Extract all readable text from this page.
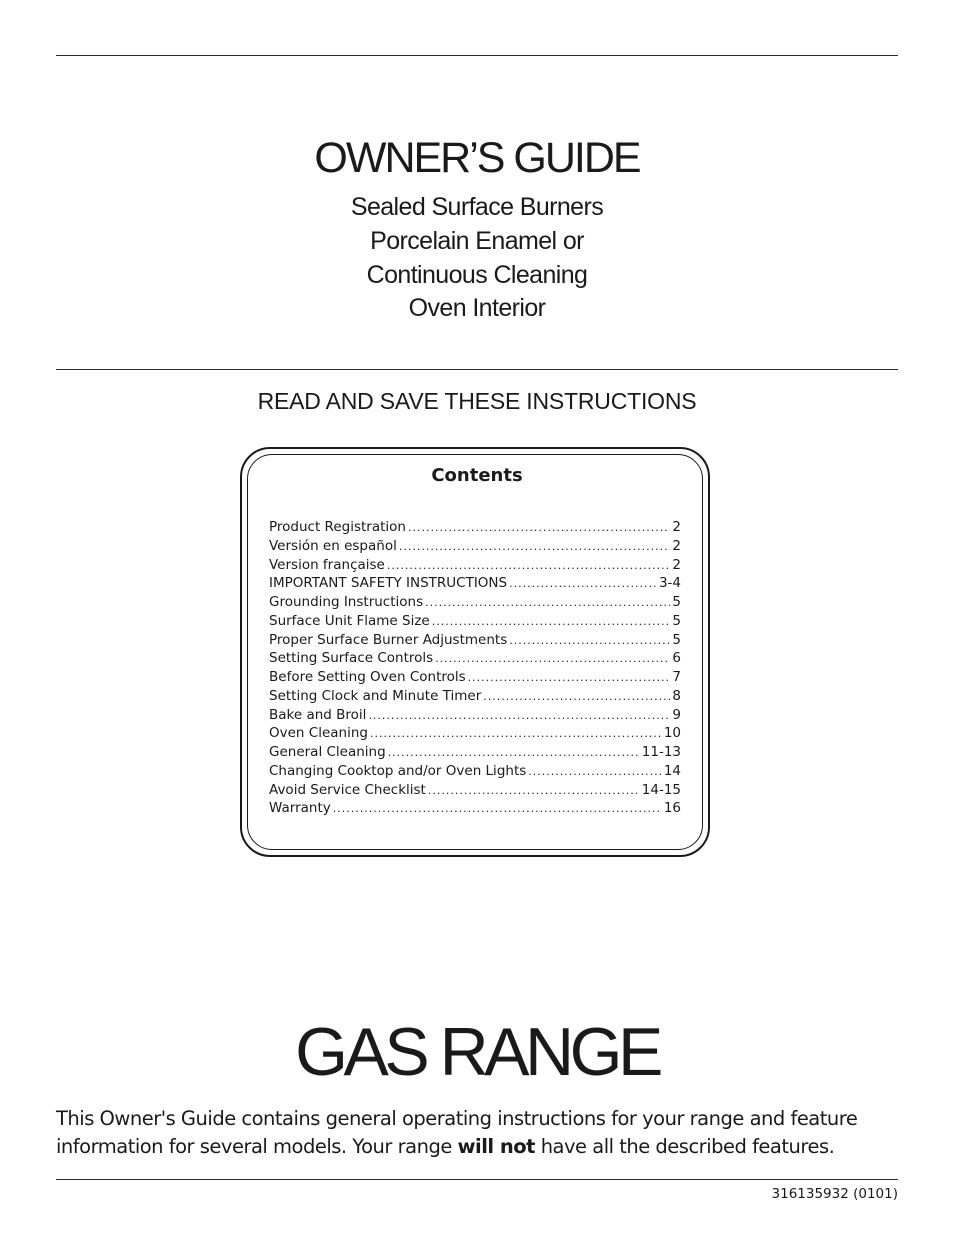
OWNER’S GUIDE
Sealed Surface Burners
Porcelain Enamel or
Continuous Cleaning
Oven Interior
READ AND SAVE THESE INSTRUCTIONS
Contents
Product Registration .....	2
Versión en español .....	2
Version française .....	2
IMPORTANT SAFETY INSTRUCTIONS .....	3-4
Grounding Instructions .....	5
Surface Unit Flame Size .....	5
Proper Surface Burner Adjustments .....	5
Setting Surface Controls .....	6
Before Setting Oven Controls .....	7
Setting Clock and Minute Timer .....	8
Bake and Broil .....	9
Oven Cleaning .....	10
General Cleaning .....	11-13
Changing Cooktop and/or Oven Lights .....	14
Avoid Service Checklist .....	14-15
Warranty .....	16
GAS RANGE
This Owner's Guide contains general operating instructions for your range and feature
information for several models. Your range will not have all the described features.
316135932 (0101)
